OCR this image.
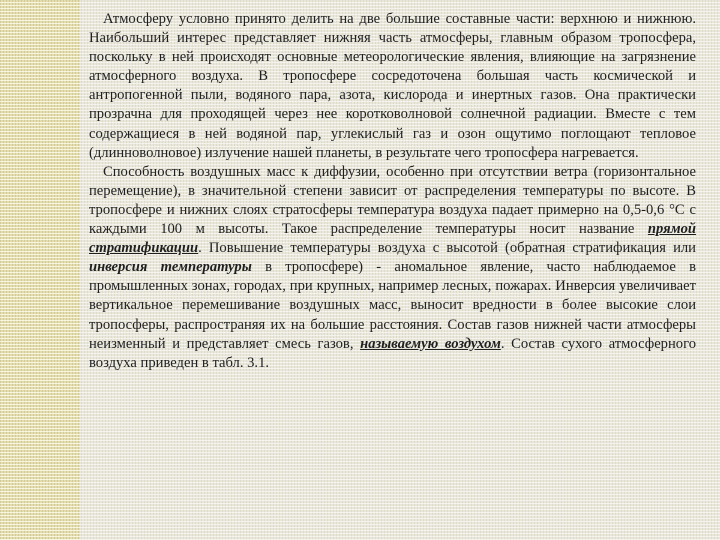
Атмосферу условно принято делить на две большие составные части: верхнюю и нижнюю. Наибольший интерес представляет нижняя часть атмосферы, главным образом тропосфера, поскольку в ней происходят основные метеорологические явления, влияющие на загрязнение атмосферного воздуха. В тропосфере сосредоточена большая часть космической и антропогенной пыли, водяного пара, азота, кислорода и инертных газов. Она практически прозрачна для проходящей через нее коротковолновой солнечной радиации. Вместе с тем содержащиеся в ней водяной пар, углекислый газ и озон ощутимо поглощают тепловое (длинноволновое) излучение нашей планеты, в результате чего тропосфера нагревается.

Способность воздушных масс к диффузии, особенно при отсутствии ветра (горизонтальное перемещение), в значительной степени зависит от распределения температуры по высоте. В тропосфере и нижних слоях стратосферы температура воздуха падает примерно на 0,5-0,6 °С с каждыми 100 м высоты. Такое распределение температуры носит название прямой стратификации. Повышение температуры воздуха с высотой (обратная стратификация или инверсия температуры в тропосфере) - аномальное явление, часто наблюдаемое в промышленных зонах, городах, при крупных, например лесных, пожарах. Инверсия увеличивает вертикальное перемешивание воздушных масс, выносит вредности в более высокие слои тропосферы, распространяя их на большие расстояния. Состав газов нижней части атмосферы неизменный и представляет смесь газов, называемую воздухом. Состав сухого атмосферного воздуха приведен в табл. 3.1.
